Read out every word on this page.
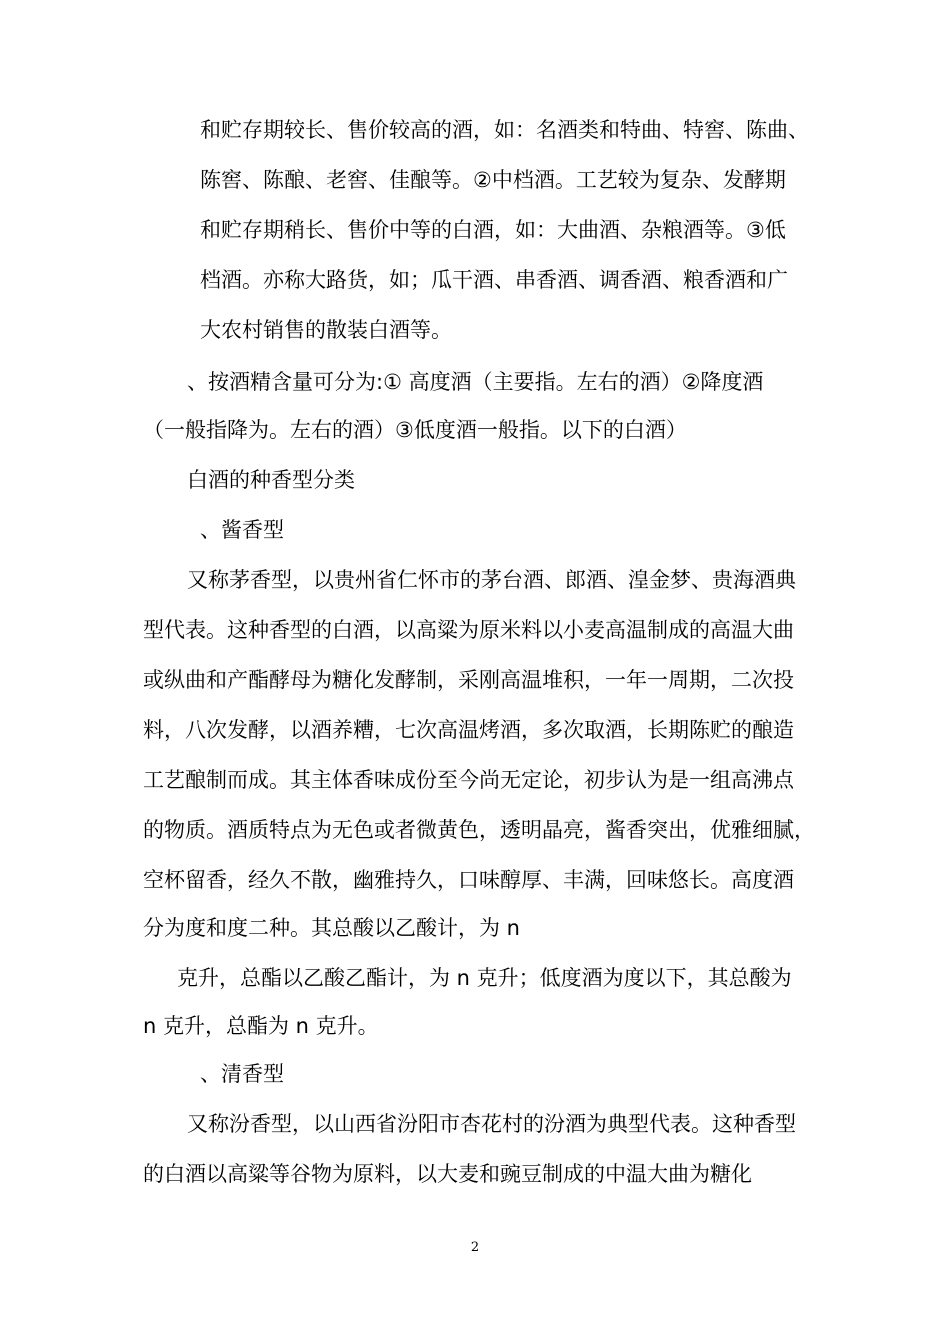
和贮存期较长、售价较高的酒，如：名酒类和特曲、特窖、陈曲、
陈窖、陈酿、老窖、佳酿等。②中档酒。工艺较为复杂、发酵期
和贮存期稍长、售价中等的白酒，如：大曲酒、杂粮酒等。③低
档酒。亦称大路货，如；瓜干酒、串香酒、调香酒、粮香酒和广
大农村销售的散装白酒等。
、按酒精含量可分为:① 高度酒（主要指。左右的酒）②降度酒
（一般指降为。左右的酒）③低度酒一般指。以下的白酒）
白酒的种香型分类
、酱香型
又称茅香型，以贵州省仁怀市的茅台酒、郎酒、湟金梦、贵海酒典
型代表。这种香型的白酒，以高粱为原米料以小麦高温制成的高温大曲
或纵曲和产酯酵母为糖化发酵制，采刚高温堆积，一年一周期，二次投
料，八次发酵，以酒养糟，七次高温烤酒，多次取酒，长期陈贮的酿造
工艺酿制而成。其主体香味成份至今尚无定论，初步认为是一组高沸点
的物质。酒质特点为无色或者微黄色，透明晶亮，酱香突出，优雅细腻，
空杯留香，经久不散，幽雅持久，口味醇厚、丰满，回味悠长。高度酒
分为度和度二种。其总酸以乙酸计，为 n
克升，总酯以乙酸乙酯计，为 n 克升；低度酒为度以下，其总酸为
n 克升，总酯为 n 克升。
、清香型
又称汾香型，以山西省汾阳市杏花村的汾酒为典型代表。这种香型
的白酒以高粱等谷物为原料，以大麦和豌豆制成的中温大曲为糖化
2
